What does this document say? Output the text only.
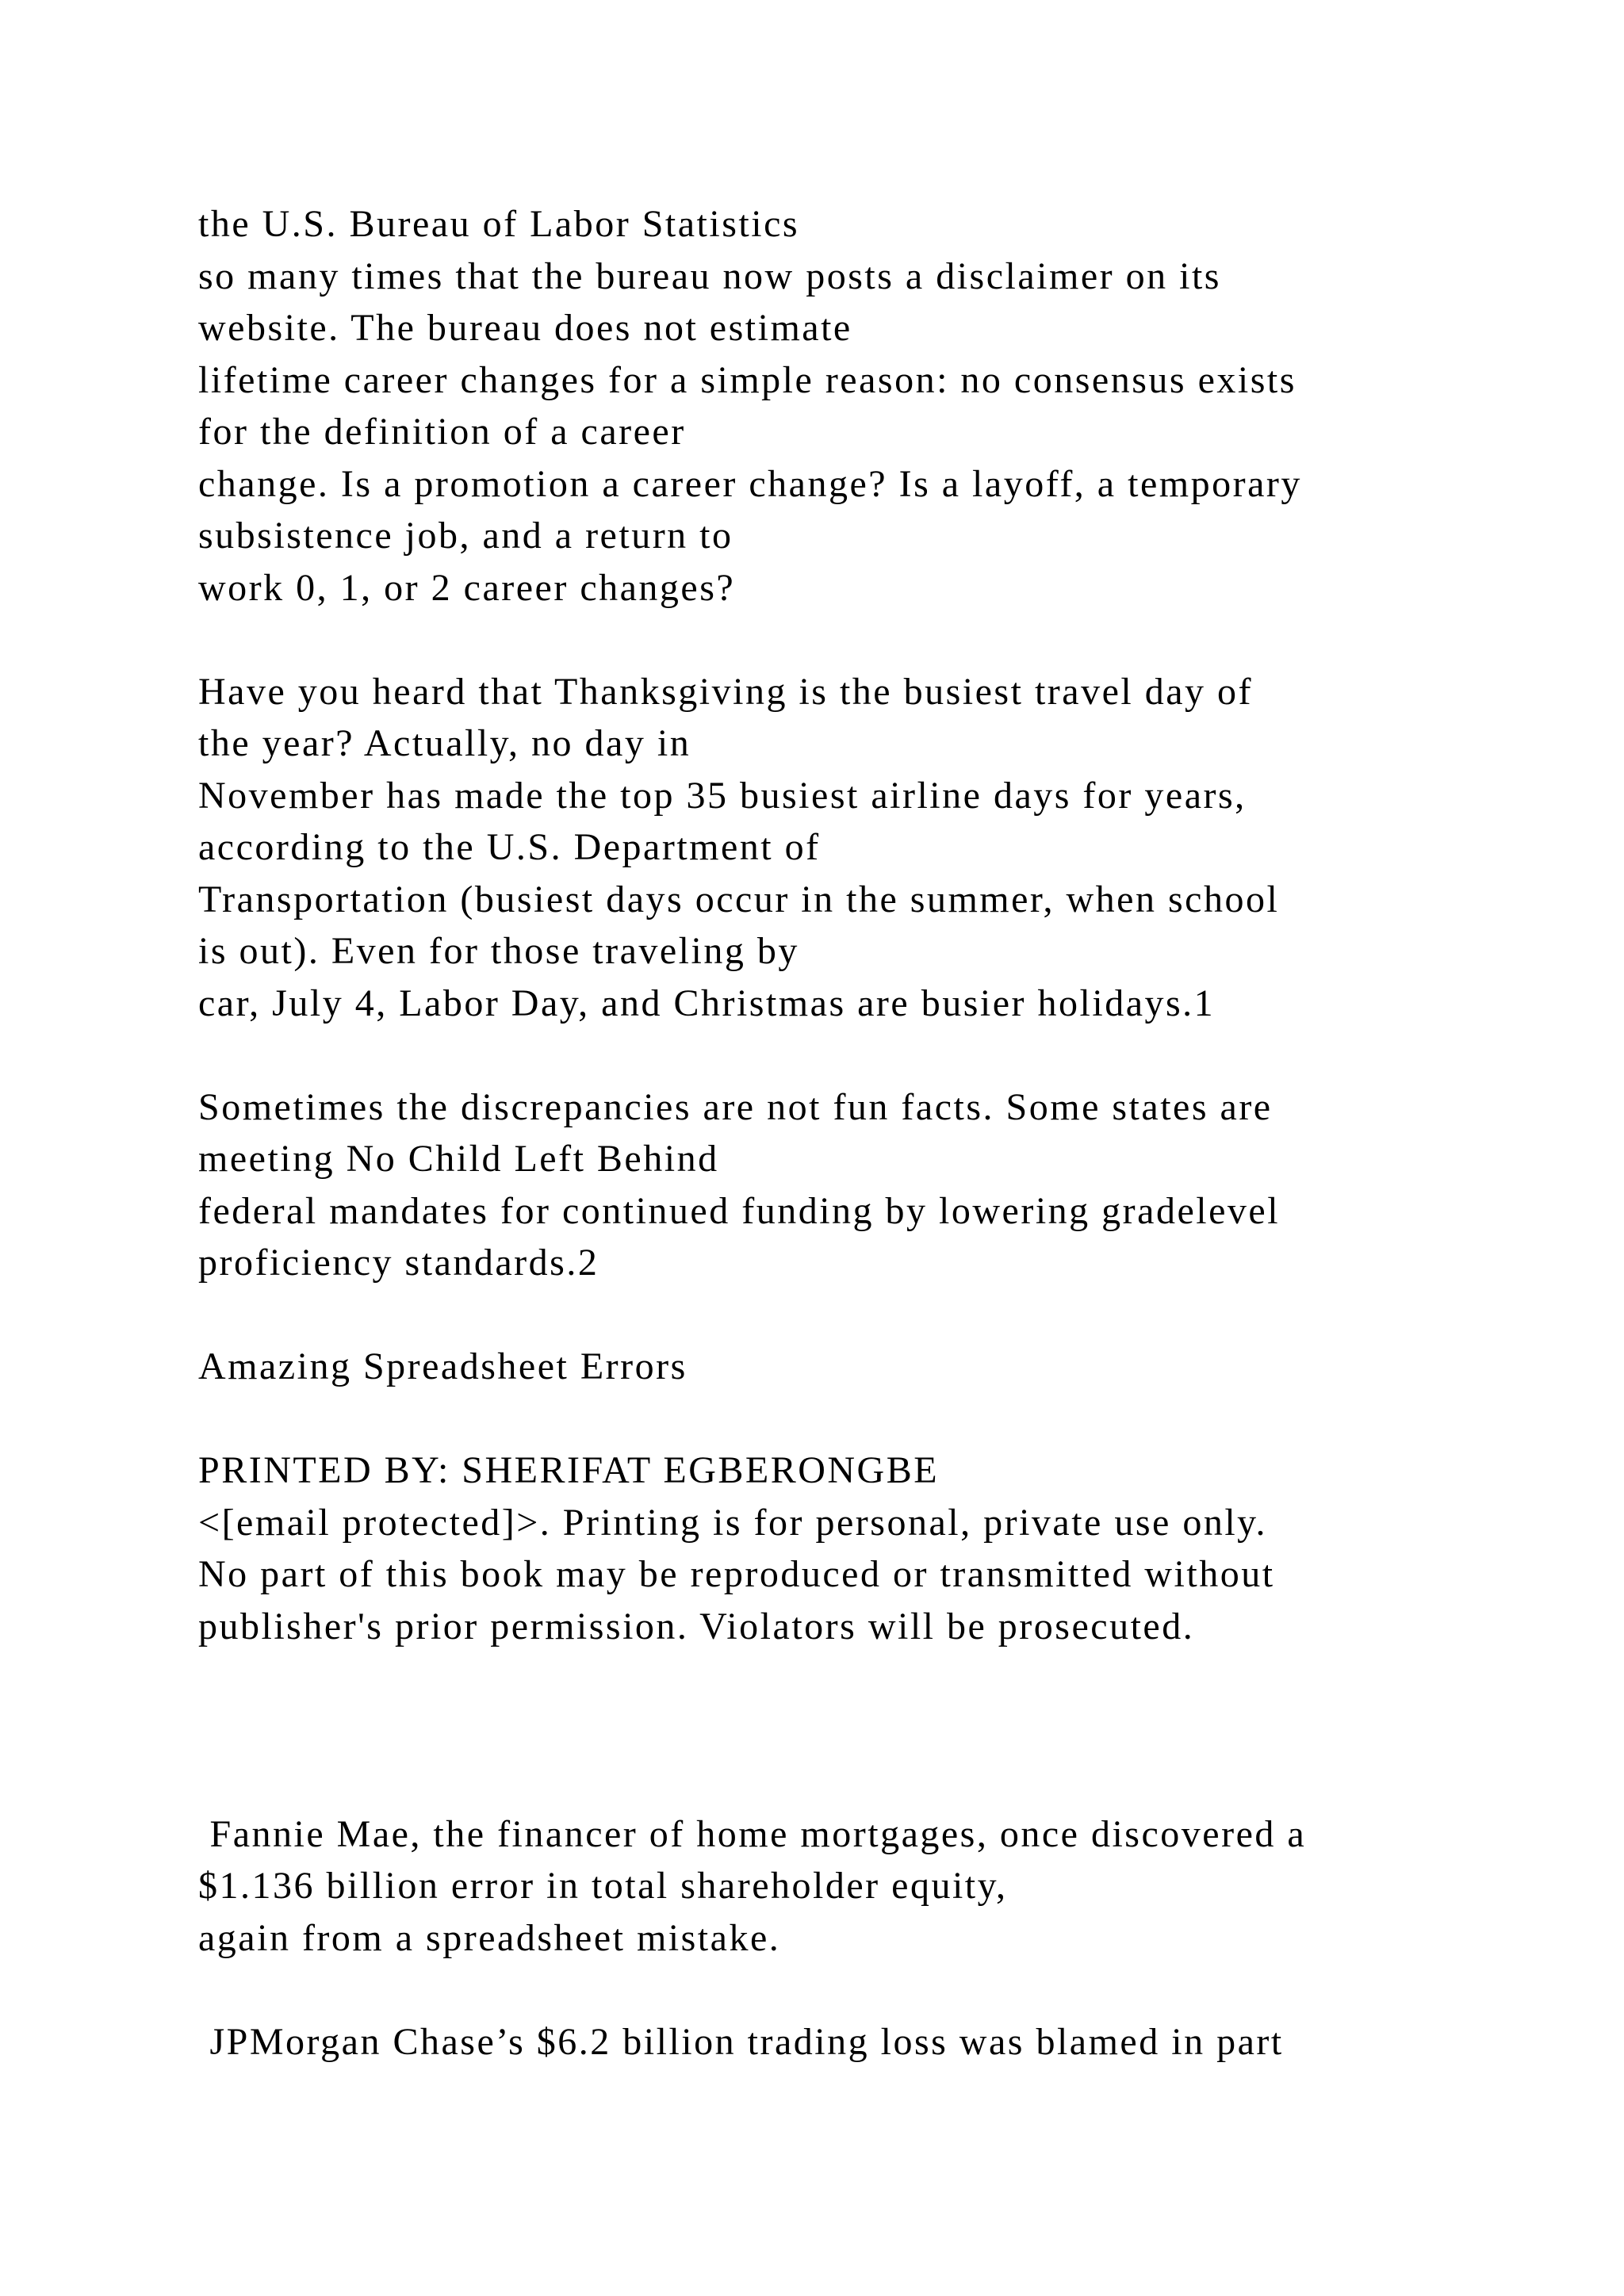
the U.S. Bureau of Labor Statistics
so many times that the bureau now posts a disclaimer on its
website. The bureau does not estimate
lifetime career changes for a simple reason: no consensus exists
for the definition of a career
change. Is a promotion a career change? Is a layoff, a temporary
subsistence job, and a return to
work 0, 1, or 2 career changes?
Have you heard that Thanksgiving is the busiest travel day of
the year? Actually, no day in
November has made the top 35 busiest airline days for years,
according to the U.S. Department of
Transportation (busiest days occur in the summer, when school
is out). Even for those traveling by
car, July 4, Labor Day, and Christmas are busier holidays.1
Sometimes the discrepancies are not fun facts. Some states are
meeting No Child Left Behind
federal mandates for continued funding by lowering gradelevel
proficiency standards.2
Amazing Spreadsheet Errors
PRINTED BY: SHERIFAT EGBERONGBE
<[email protected]>. Printing is for personal, private use only.
No part of this book may be reproduced or transmitted without
publisher's prior permission. Violators will be prosecuted.
Fannie Mae, the financer of home mortgages, once discovered a
$1.136 billion error in total shareholder equity,
again from a spreadsheet mistake.
JPMorgan Chase’s $6.2 billion trading loss was blamed in part
